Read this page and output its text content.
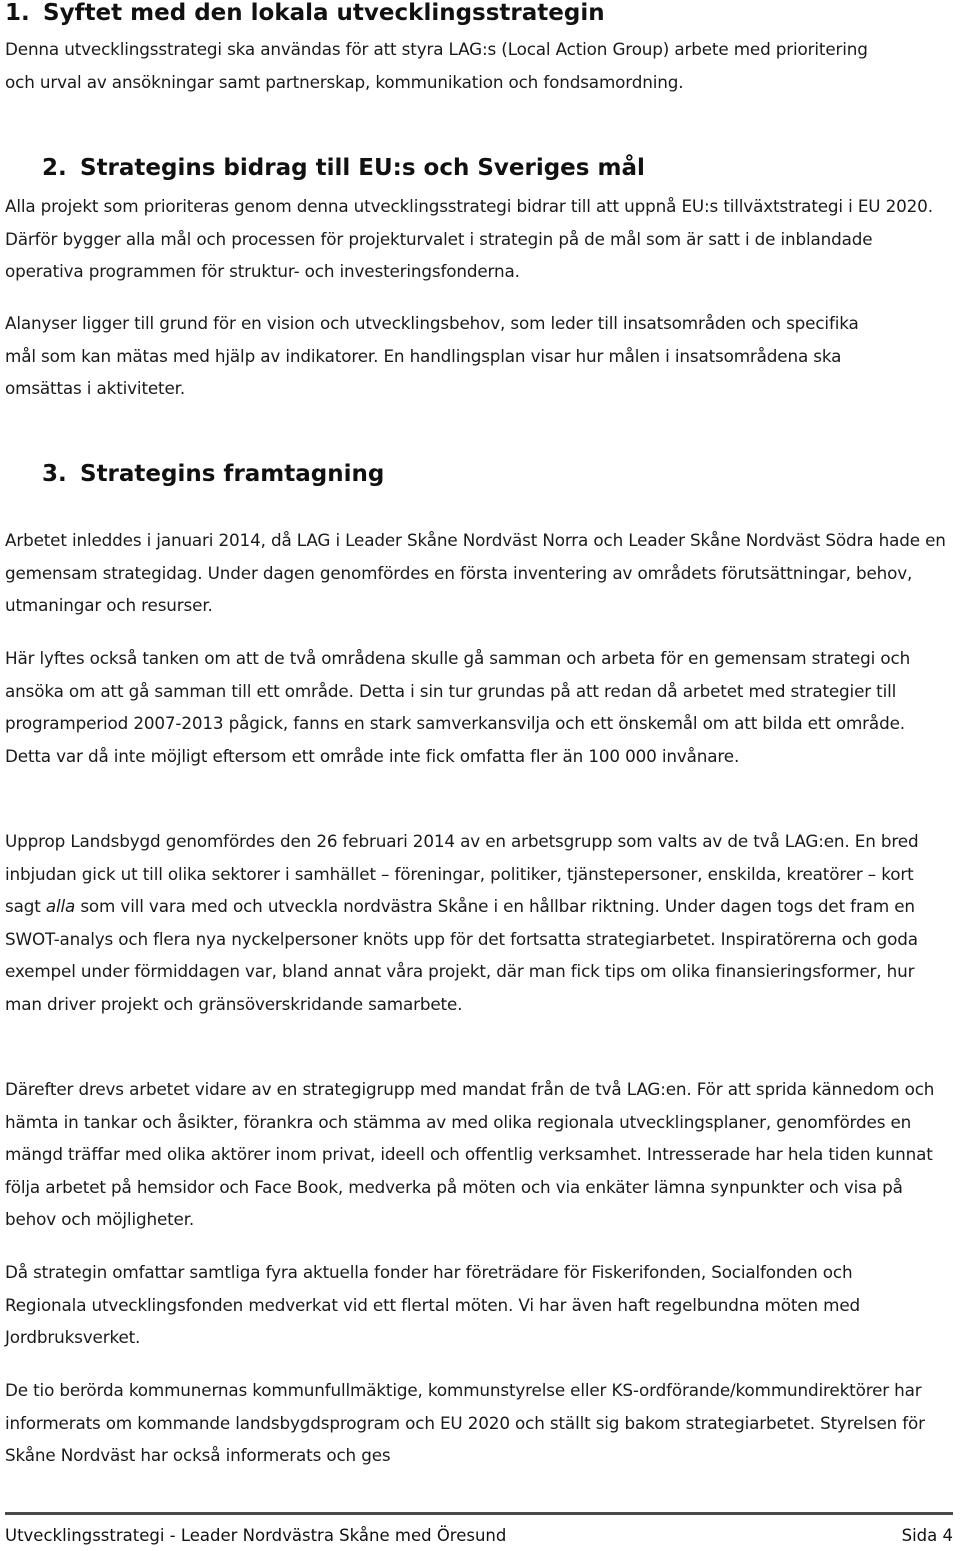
1. Syftet med den lokala utvecklingsstrategin

Denna utvecklingsstrategi ska användas för att styra LAG:s (Local Action Group) arbete med prioritering och urval av ansökningar samt partnerskap, kommunikation och fondsamordning.

2. Strategins bidrag till EU:s och Sveriges mål

Alla projekt som prioriteras genom denna utvecklingsstrategi bidrar till att uppnå EU:s tillväxtstrategi i EU 2020. Därför bygger alla mål och processen för projekturvalet i strategin på de mål som är satt i de inblandade operativa programmen för struktur- och investeringsfonderna.

Alanyser ligger till grund för en vision och utvecklingsbehov, som leder till insatsområden och specifika mål som kan mätas med hjälp av indikatorer. En handlingsplan visar hur målen i insatsområdena ska omsättas i aktiviteter.

3. Strategins framtagning

Arbetet inleddes i januari 2014, då LAG i Leader Skåne Nordväst Norra och Leader Skåne Nordväst Södra hade en gemensam strategidag. Under dagen genomfördes en första inventering av områdets förutsättningar, behov, utmaningar och resurser.

Här lyftes också tanken om att de två områdena skulle gå samman och arbeta för en gemensam strategi och ansöka om att gå samman till ett område. Detta i sin tur grundas på att redan då arbetet med strategier till programperiod 2007-2013 pågick, fanns en stark samverkansvilja och ett önskemål om att bilda ett område. Detta var då inte möjligt eftersom ett område inte fick omfatta fler än 100 000 invånare.

Upprop Landsbygd genomfördes den 26 februari 2014 av en arbetsgrupp som valts av de två LAG:en. En bred inbjudan gick ut till olika sektorer i samhället – föreningar, politiker, tjänstepersoner, enskilda, kreatörer – kort sagt alla som vill vara med och utveckla nordvästra Skåne i en hållbar riktning. Under dagen togs det fram en SWOT-analys och flera nya nyckelpersoner knöts upp för det fortsatta strategiarbetet. Inspiratörerna och goda exempel under förmiddagen var, bland annat våra projekt, där man fick tips om olika finansieringsformer, hur man driver projekt och gränsöverskridande samarbete.

Därefter drevs arbetet vidare av en strategigrupp med mandat från de två LAG:en. För att sprida kännedom och hämta in tankar och åsikter, förankra och stämma av med olika regionala utvecklingsplaner, genomfördes en mängd träffar med olika aktörer inom privat, ideell och offentlig verksamhet. Intresserade har hela tiden kunnat följa arbetet på hemsidor och Face Book, medverka på möten och via enkäter lämna synpunkter och visa på behov och möjligheter.

Då strategin omfattar samtliga fyra aktuella fonder har företrädare för Fiskerifonden, Socialfonden och Regionala utvecklingsfonden medverkat vid ett flertal möten. Vi har även haft regelbundna möten med Jordbruksverket.

De tio berörda kommunernas kommunfullmäktige, kommunstyrelse eller KS-ordförande/kommundirektörer har informerats om kommande landsbygdsprogram och EU 2020 och ställt sig bakom strategiarbetet. Styrelsen för Skåne Nordväst har också informerats och ges

Utvecklingsstrategi - Leader Nordvästra Skåne med Öresund	Sida 4
